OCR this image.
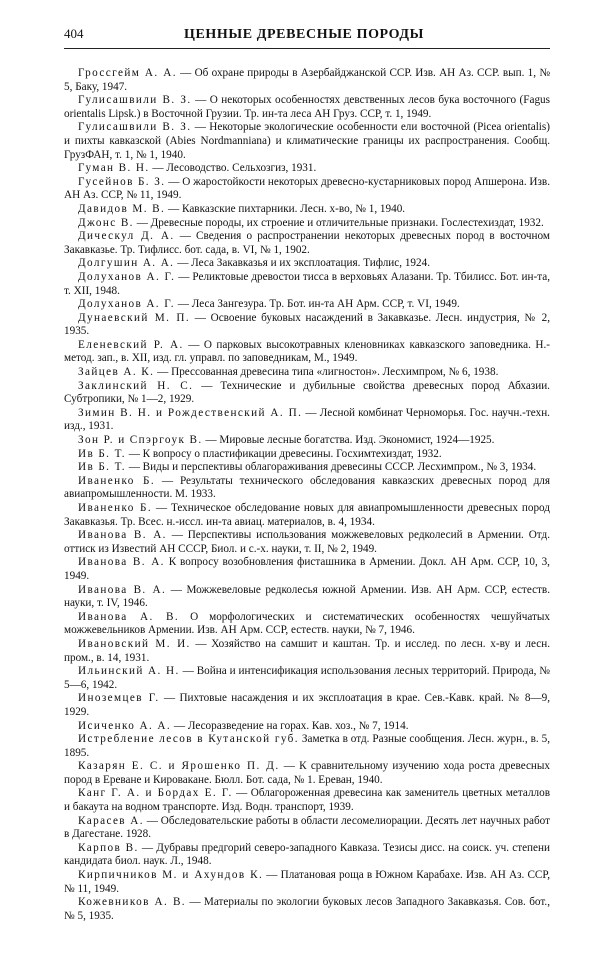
404	ЦЕННЫЕ ДРЕВЕСНЫЕ ПОРОДЫ

Гроссгейм А. А. — Об охране природы в Азербайджанской ССР. Изв. АН Аз. ССР. вып. 1, № 5, Баку, 1947.

Гулисашвили В. З. — О некоторых особенностях девственных лесов бука восточного (Fagus orientalis Lipsk.) в Восточной Грузии. Тр. ин-та леса АН Груз. ССР, т. 1, 1949.

Гулисашвили В. З. — Некоторые экологические особенности ели восточной (Picea orientalis) и пихты кавказской (Abies Nordmanniana) и климатические границы их распространения. Сообщ. ГрузФАН, т. 1, № 1, 1940.

Гуман В. Н. — Лесоводство. Сельхозгиз, 1931.

Гусейнов Б. З. — О жаростойкости некоторых древесно-кустарниковых пород Апшерона. Изв. АН Аз. ССР, № 11, 1949.

Давидов М. В. — Кавказские пихтарники. Лесн. х-во, № 1, 1940.

Джонс В. — Древесные породы, их строение и отличительные признаки. Гослестехиздат, 1932.

Дическул Д. А. — Сведения о распространении некоторых древесных пород в восточном Закавказье. Тр. Тифлисс. бот. сада, в. VI, № 1, 1902.

Долгушин А. А. — Леса Закавказья и их эксплоатация. Тифлис, 1924.

Долуханов А. Г. — Реликтовые древостои тисса в верховьях Алазани. Тр. Тбилисс. Бот. ин-та, т. XII, 1948.

Долуханов А. Г. — Леса Зангезура. Тр. Бот. ин-та АН Арм. ССР, т. VI, 1949.

Дунаевский М. П. — Освоение буковых насаждений в Закавказье. Лесн. индустрия, № 2, 1935.

Еленевский Р. А. — О парковых высокотравных кленовниках кавказского заповедника. Н.-метод. зап., в. XII, изд. гл. управл. по заповедникам, М., 1949.

Зайцев А. К. — Прессованная древесина типа «лигностон». Лесхимпром, № 6, 1938.

Заклинский Н. С. — Технические и дубильные свойства древесных пород Абхазии. Субтропики, № 1—2, 1929.

Зимин В. Н. и Рождественский А. П. — Лесной комбинат Черноморья. Гос. научн.-техн. изд., 1931.

Зон Р. и Спэргоук В. — Мировые лесные богатства. Изд. Экономист, 1924—1925.

Ив Б. Т. — К вопросу о пластификации древесины. Госхимтехиздат, 1932.

Ив Б. Т. — Виды и перспективы облагораживания древесины СССР. Лесхимпром., № 3, 1934.

Иваненко Б. — Результаты технического обследования кавказских древесных пород для авиапромышленности. М. 1933.

Иваненко Б. — Техническое обследование новых для авиапромышленности древесных пород Закавказья. Тр. Всес. н.-иссл. ин-та авиац. материалов, в. 4, 1934.

Иванова В. А. — Перспективы использования можжевеловых редколесий в Армении. Отд. оттиск из Известий АН СССР, Биол. и с.-х. науки, т. II, № 2, 1949.

Иванова В. А. К вопросу возобновления фисташника в Армении. Докл. АН Арм. ССР, 10, 3, 1949.

Иванова В. А. — Можжевеловые редколесья южной Армении. Изв. АН Арм. ССР, естеств. науки, т. IV, 1946.

Иванова А. В. О морфологических и систематических особенностях чешуйчатых можжевельников Армении. Изв. АН Арм. ССР, естеств. науки, № 7, 1946.

Ивановский М. И. — Хозяйство на самшит и каштан. Тр. и исслед. по лесн. х-ву и лесн. пром., в. 14, 1931.

Ильинский А. Н. — Война и интенсификация использования лесных территорий. Природа, № 5—6, 1942.

Иноземцев Г. — Пихтовые насаждения и их эксплоатация в крае. Сев.-Кавк. край. № 8—9, 1929.

Исиченко А. А. — Лесоразведение на горах. Кав. хоз., № 7, 1914.

Истребление лесов в Кутанской губ. Заметка в отд. Разные сообщения. Лесн. журн., в. 5, 1895.

Казарян Е. С. и Ярошенко П. Д. — К сравнительному изучению хода роста древесных пород в Ереване и Кировакане. Бюлл. Бот. сада, № 1. Ереван, 1940.

Канг Г. А. и Бордах Е. Г. — Облагороженная древесина как заменитель цветных металлов и бакаута на водном транспорте. Изд. Водн. транспорт, 1939.

Карасев А. — Обследовательские работы в области лесомелиорации. Десять лет научных работ в Дагестане. 1928.

Карпов В. — Дубравы предгорий северо-западного Кавказа. Тезисы дисс. на соиск. уч. степени кандидата биол. наук. Л., 1948.

Кирпичников М. и Ахундов К. — Платановая роща в Южном Карабахе. Изв. АН Аз. ССР, № 11, 1949.

Кожевников А. В. — Материалы по экологии буковых лесов Западного Закавказья. Сов. бот., № 5, 1935.
